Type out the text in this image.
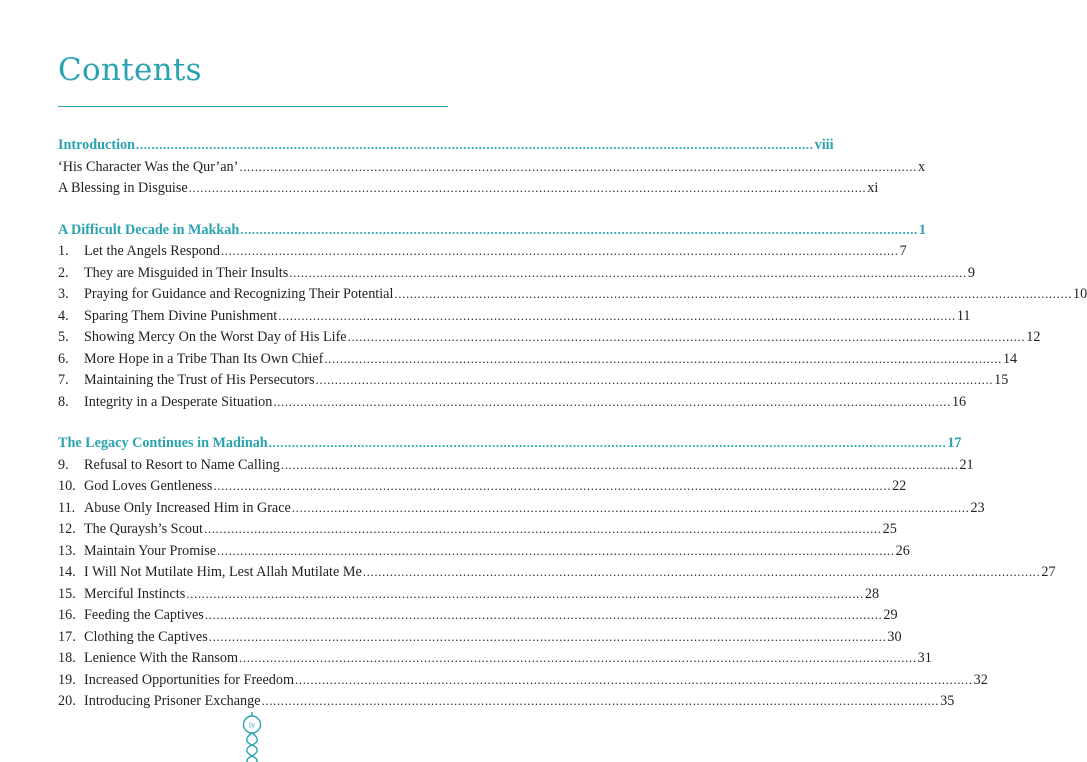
Contents
Introduction .....	viii
‘His Character Was the Qur’an’ .....	x
A Blessing in Disguise .....	xi
A Difficult Decade in Makkah .....	1
1.	Let the Angels Respond .....	7
2.	They are Misguided in Their Insults .....	9
3.	Praying for Guidance and Recognizing Their Potential .....	10
4.	Sparing Them Divine Punishment .....	11
5.	Showing Mercy On the Worst Day of His Life .....	12
6.	More Hope in a Tribe Than Its Own Chief .....	14
7.	Maintaining the Trust of His Persecutors .....	15
8.	Integrity in a Desperate Situation .....	16
The Legacy Continues in Madinah .....	17
9.	Refusal to Resort to Name Calling .....	21
10. God Loves Gentleness .....	22
11. Abuse Only Increased Him in Grace .....	23
12. The Quraysh’s Scout .....	25
13. Maintain Your Promise .....	26
14. I Will Not Mutilate Him, Lest Allah Mutilate Me .....	27
15. Merciful Instincts .....	28
16. Feeding the Captives .....	29
17. Clothing the Captives .....	30
18. Lenience With the Ransom .....	31
19. Increased Opportunities for Freedom .....	32
20. Introducing Prisoner Exchange .....	35
iv
